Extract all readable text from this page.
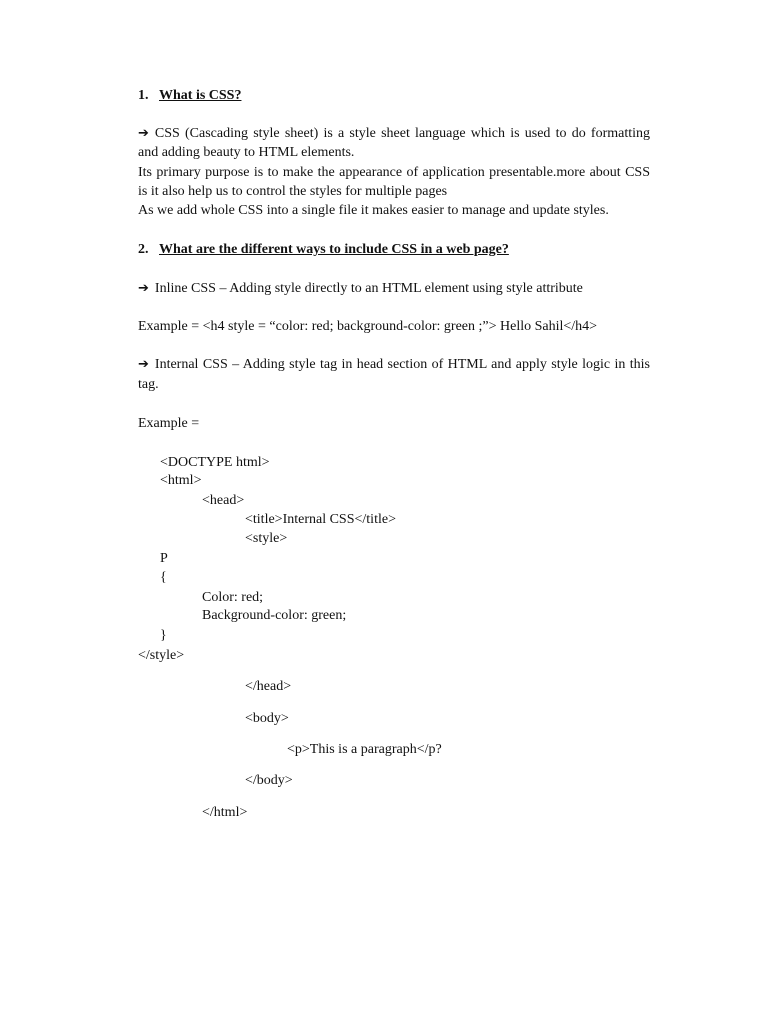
1. What is CSS?
➔ CSS (Cascading style sheet) is a style sheet language which is used to do formatting
and adding beauty to HTML elements.
Its primary purpose is to make the appearance of application presentable.more about CSS
is it also help us to control the styles for multiple pages
As we add whole CSS into a single file it makes easier to manage and update styles.
2. What are the different ways to include CSS in a web page?
➔ Inline CSS – Adding style directly to an HTML element using style attribute
Example = <h4 style = “color: red; background-color: green ;”> Hello Sahil</h4>
➔ Internal CSS – Adding style tag in head section of HTML and apply style logic in this
tag.
Example =
<DOCTYPE html>
<html>
<head>
<title>Internal CSS</title>
<style>
P
{
Color: red;
Background-color: green;
}
</style>
</head>
<body>
<p>This is a paragraph</p?
</body>
</html>
